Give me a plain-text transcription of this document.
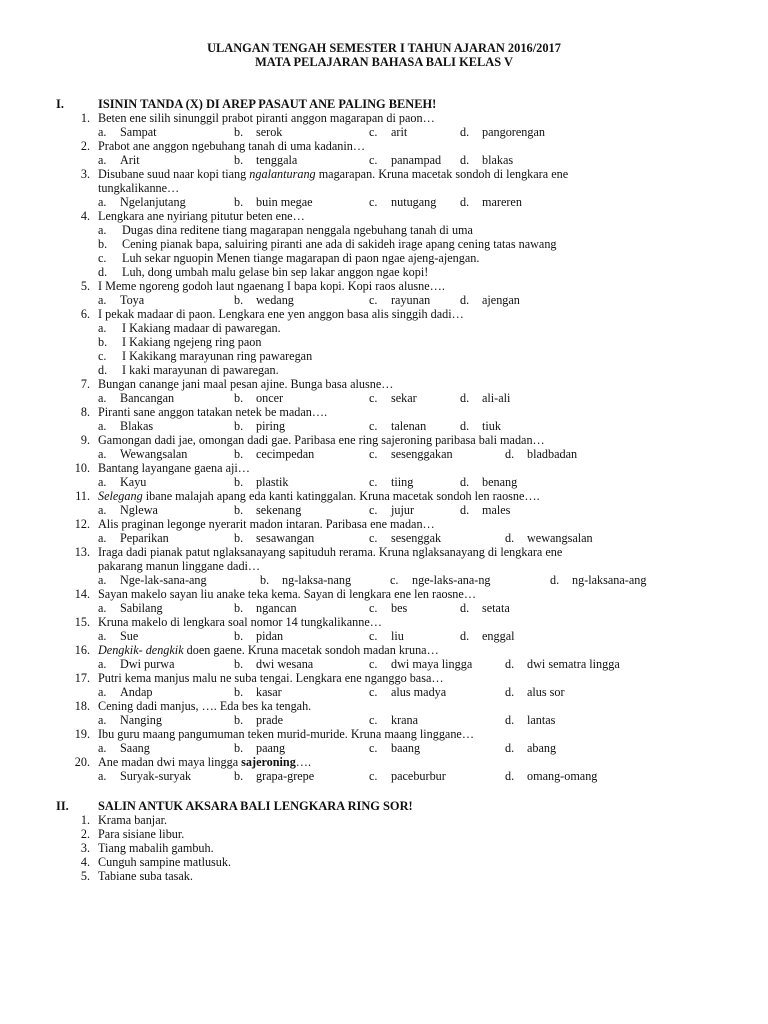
ULANGAN TENGAH SEMESTER I TAHUN AJARAN 2016/2017
MATA PELAJARAN BAHASA BALI KELAS V
I.	ISININ TANDA (X) DI AREP PASAUT ANE PALING BENEH!
1. Beten ene silih sinunggil prabot piranti anggon magarapan di paon…
a. Sampat	b. serok	c. arit	d. pangorengan
2. Prabot ane anggon ngebuhang tanah di uma kadanin…
a. Arit	b. tenggala	c. panampad d. blakas
3. Disubane suud naar kopi tiang ngalanturang magarapan. Kruna macetak sondoh di lengkara ene
tungkalikanne…
a. Ngelanjutang	b. buin megae	c. nutugang d. mareren
4. Lengkara ane nyiriang pitutur beten ene…
a. Dugas dina reditene tiang magarapan nenggala ngebuhang tanah di uma
b. Cening pianak bapa, saluiring piranti ane ada di sakideh irage apang cening tatas nawang
c. Luh sekar nguopin Menen tiange magarapan di paon ngae ajeng-ajengan.
d. Luh, dong umbah malu gelase bin sep lakar anggon ngae kopi!
5. I Meme ngoreng godoh laut ngaenang I bapa kopi. Kopi raos alusne….
a. Toya	b. wedang	c. rayunan d. ajengan
6. I pekak madaar di paon. Lengkara ene yen anggon basa alis singgih dadi…
a. I Kakiang madaar di pawaregan.
b. I Kakiang ngejeng ring paon
c. I Kakikang marayunan ring pawaregan
d. I kaki marayunan di pawaregan.
7. Bungan canange jani maal pesan ajine. Bunga basa alusne…
a. Bancangan	b. oncer	c. sekar	d. ali-ali
8. Piranti sane anggon tatakan netek be madan….
a. Blakas	b. piring	c. talenan	d. tiuk
9. Gamongan dadi jae, omongan dadi gae. Paribasa ene ring sajeroning paribasa bali madan…
a. Wewangsalan	b. cecimpedan	c. sesenggakan	d. bladbadan
10. Bantang layangane gaena aji…
a. Kayu	b. plastik	c. tiing	d. benang
11. Selegang ibane malajah apang eda kanti katinggalan. Kruna macetak sondoh len raosne….
a. Nglewa	b. sekenang	c. jujur	d. males
12. Alis praginan legonge nyerarit madon intaran. Paribasa ene madan…
a. Peparikan	b. sesawangan	c. sesenggak	d. wewangsalan
13. Iraga dadi pianak patut nglaksanayang sapituduh rerama. Kruna nglaksanayang di lengkara ene
pakarang manun linggane dadi…
a. Nge-lak-sana-ang	b. ng-laksa-nang	c. nge-laks-ana-ng	d. ng-laksana-ang
14. Sayan makelo sayan liu anake teka kema. Sayan di lengkara ene len raosne…
a. Sabilang	b. ngancan	c. bes	d. setata
15. Kruna makelo di lengkara soal nomor 14 tungkalikanne…
a. Sue	b. pidan	c. liu	d. enggal
16. Dengkik- dengkik doen gaene. Kruna macetak sondoh madan kruna…
a. Dwi purwa	b. dwi wesana	c. dwi maya lingga	d. dwi sematra lingga
17. Putri kema manjus malu ne suba tengai. Lengkara ene nganggo basa…
a. Andap	b. kasar	c. alus madya	d. alus sor
18. Cening dadi manjus, …. Eda bes ka tengah.
a. Nanging	b. prade	c. krana	d. lantas
19. Ibu guru maang pangumuman teken murid-muride. Kruna maang linggane…
a. Saang	b. paang	c. baang	d. abang
20. Ane madan dwi maya lingga sajeroning….
a. Suryak-suryak	b. grapa-grepe	c. paceburbur	d. omang-omang
II. SALIN ANTUK AKSARA BALI LENGKARA RING SOR!
1. Krama banjar.
2. Para sisiane libur.
3. Tiang mabalih gambuh.
4. Cunguh sampine matlusuk.
5. Tabiane suba tasak.
